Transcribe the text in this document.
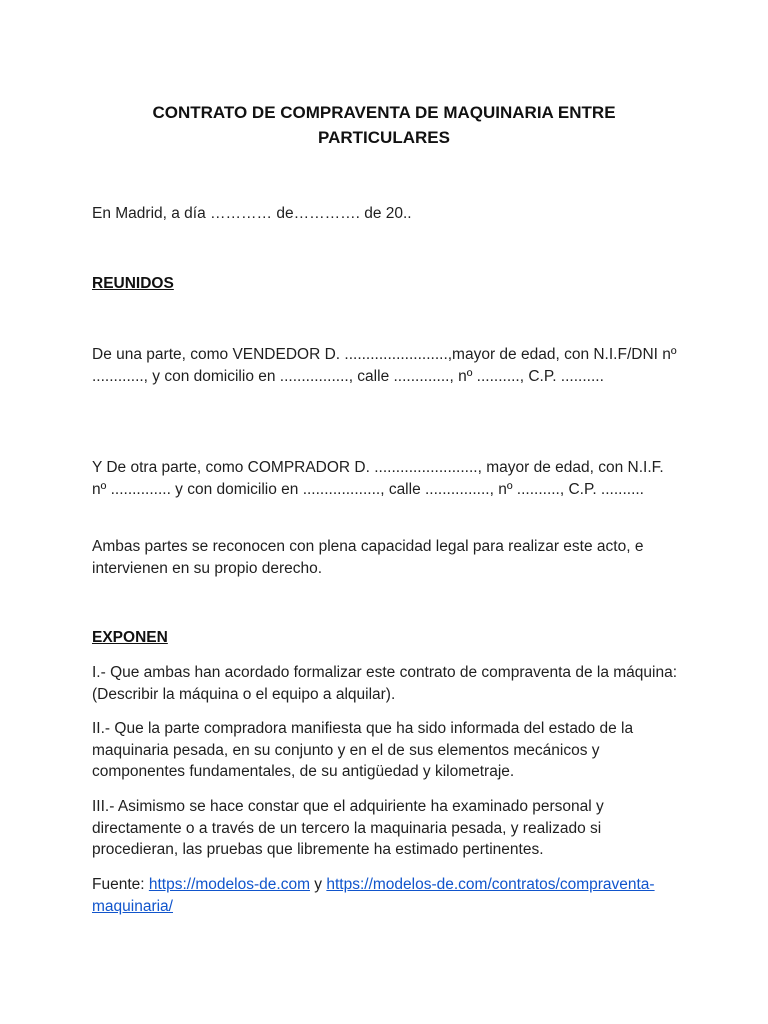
CONTRATO DE COMPRAVENTA DE MAQUINARIA ENTRE PARTICULARES

En Madrid, a día ………… de…………. de 20..

REUNIDOS

De una parte, como VENDEDOR D. ........................,mayor de edad, con N.I.F/DNI nº ............, y con domicilio en ................, calle ............., nº .........., C.P. ..........

Y De otra parte, como COMPRADOR D. ........................, mayor de edad, con N.I.F. nº .............. y con domicilio en .................., calle ..............., nº .........., C.P. ..........

Ambas partes se reconocen con plena capacidad legal para realizar este acto, e intervienen en su propio derecho.

EXPONEN

I.- Que ambas han acordado formalizar este contrato de compraventa de la máquina: (Describir la máquina o el equipo a alquilar).

II.- Que la parte compradora manifiesta que ha sido informada del estado de la maquinaria pesada, en su conjunto y en el de sus elementos mecánicos y componentes fundamentales, de su antigüedad y kilometraje.

III.- Asimismo se hace constar que el adquiriente ha examinado personal y directamente o a través de un tercero la maquinaria pesada, y realizado si procedieran, las pruebas que libremente ha estimado pertinentes.

Fuente: https://modelos-de.com y https://modelos-de.com/contratos/compraventa-maquinaria/
